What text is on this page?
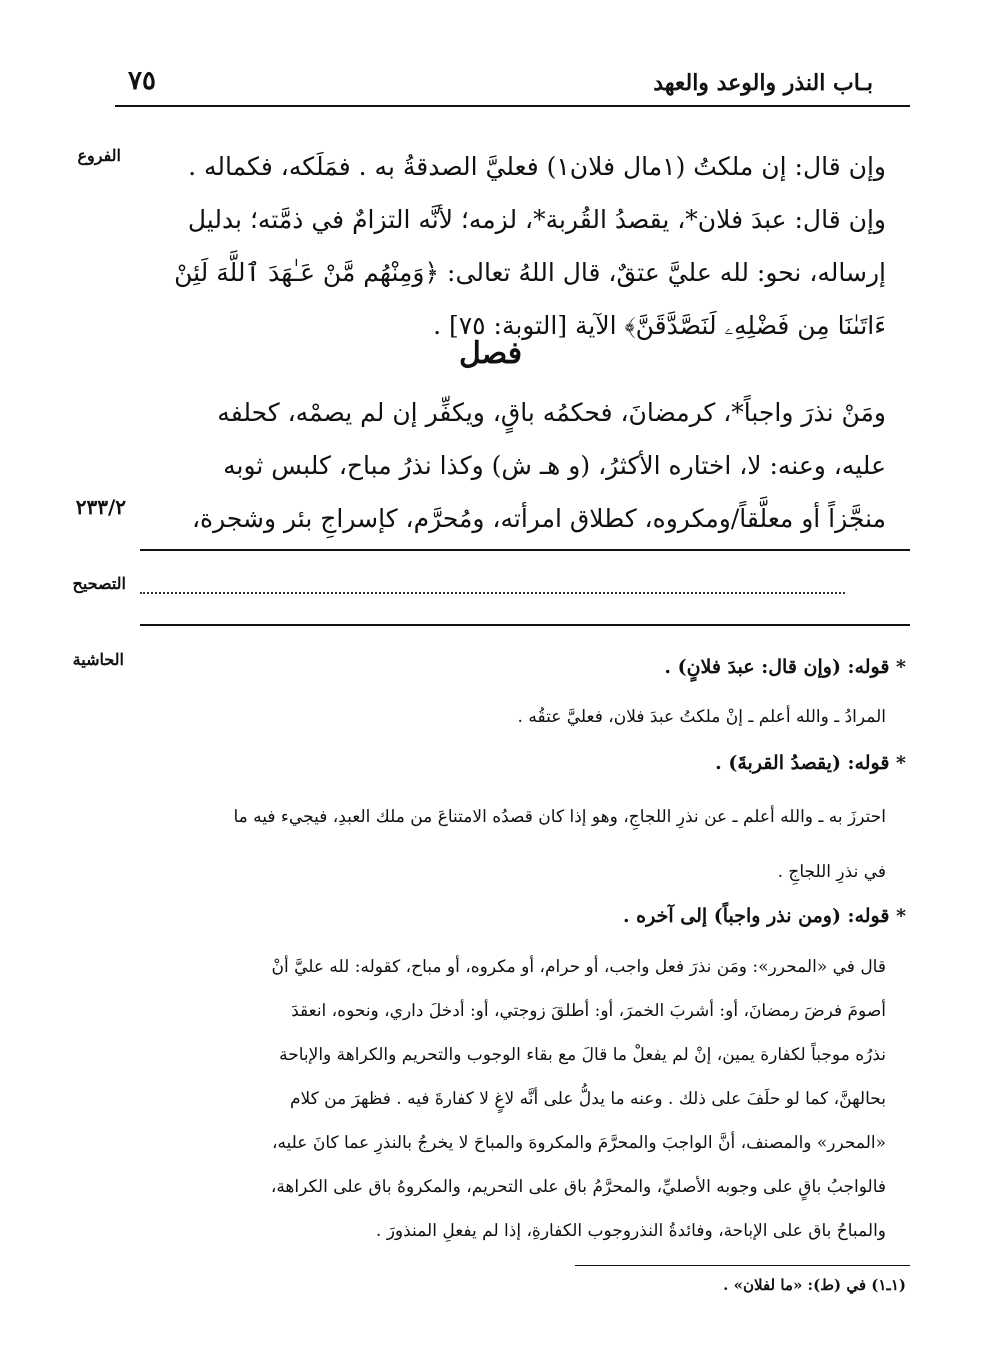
بـاب النذر والوعد والعهد
٧٥
الفروع
التصحيح
الحاشية
٢٣٣/٢
وإن قال: إن ملكتُ (١مال فلان١) فعليَّ الصدقةُ به . فمَلَكه، فكماله .
وإن قال: عبدَ فلان*، يقصدُ القُربة*، لزمه؛ لأنَّه التزامٌ في ذمَّته؛ بدليل
إرساله، نحو: لله عليَّ عتقٌ، قال اللهُ تعالى: ﴿وَمِنْهُم مَّنْ عَـٰهَدَ ٱللَّهَ لَئِنْ
ءَاتَىٰنَا مِن فَضْلِهِۦ لَنَصَّدَّقَنَّ﴾ الآية [التوبة: ٧٥] .
فصل
ومَنْ نذرَ واجباً*، كرمضانَ، فحكمُه باقٍ، ويكفِّر إن لم يصمْه، كحلفه
عليه، وعنه: لا، اختاره الأكثرُ، (و هـ ش) وكذا نذرُ مباح، كلبس ثوبه
منجَّزاً أو معلَّقاً/ومكروه، كطلاق امرأته، ومُحرَّم، كإسراجِ بئر وشجرة،
* قوله: (وإن قال: عبدَ فلانٍ) .
المرادُ ـ والله أعلم ـ إنْ ملكتُ عبدَ فلان، فعليَّ عتقُه .
* قوله: (يقصدُ القربةَ) .
احترزَ به ـ والله أعلم ـ عن نذرِ اللجاجِ، وهو إذا كان قصدُه الامتناعَ من ملك العبدِ، فيجيء فيه ما
في نذرِ اللجاجِ .
* قوله: (ومن نذر واجباً) إلى آخره .
قال في «المحرر»: ومَن نذرَ فعل واجب، أو حرام، أو مكروه، أو مباح، كقوله: لله عليَّ أنْ
أصومَ فرضَ رمضانَ، أو: أشربَ الخمرَ، أو: أطلقَ زوجتي، أو: أدخلَ داري، ونحوه، انعقدَ
نذرُه موجباً لكفارة يمين، إنْ لم يفعلْ ما قالَ مع بقاء الوجوب والتحريم والكراهة والإباحة
بحالهنَّ، كما لو حلَفَ على ذلك . وعنه ما يدلُّ على أنَّه لاغٍ لا كفارةَ فيه . فظهرَ من كلام
«المحرر» والمصنف، أنَّ الواجبَ والمحرَّمَ والمكروهَ والمباحَ لا يخرجُ بالنذرِ عما كانَ عليه،
فالواجبُ باقٍ على وجوبه الأصليِّ، والمحرَّمُ باق على التحريم، والمكروهُ باق على الكراهة،
والمباحُ باق على الإباحة، وفائدةُ النذروجوب الكفارةِ، إذا لم يفعلِ المنذورَ .
(١ـ١) في (ط): «ما لفلان» .
